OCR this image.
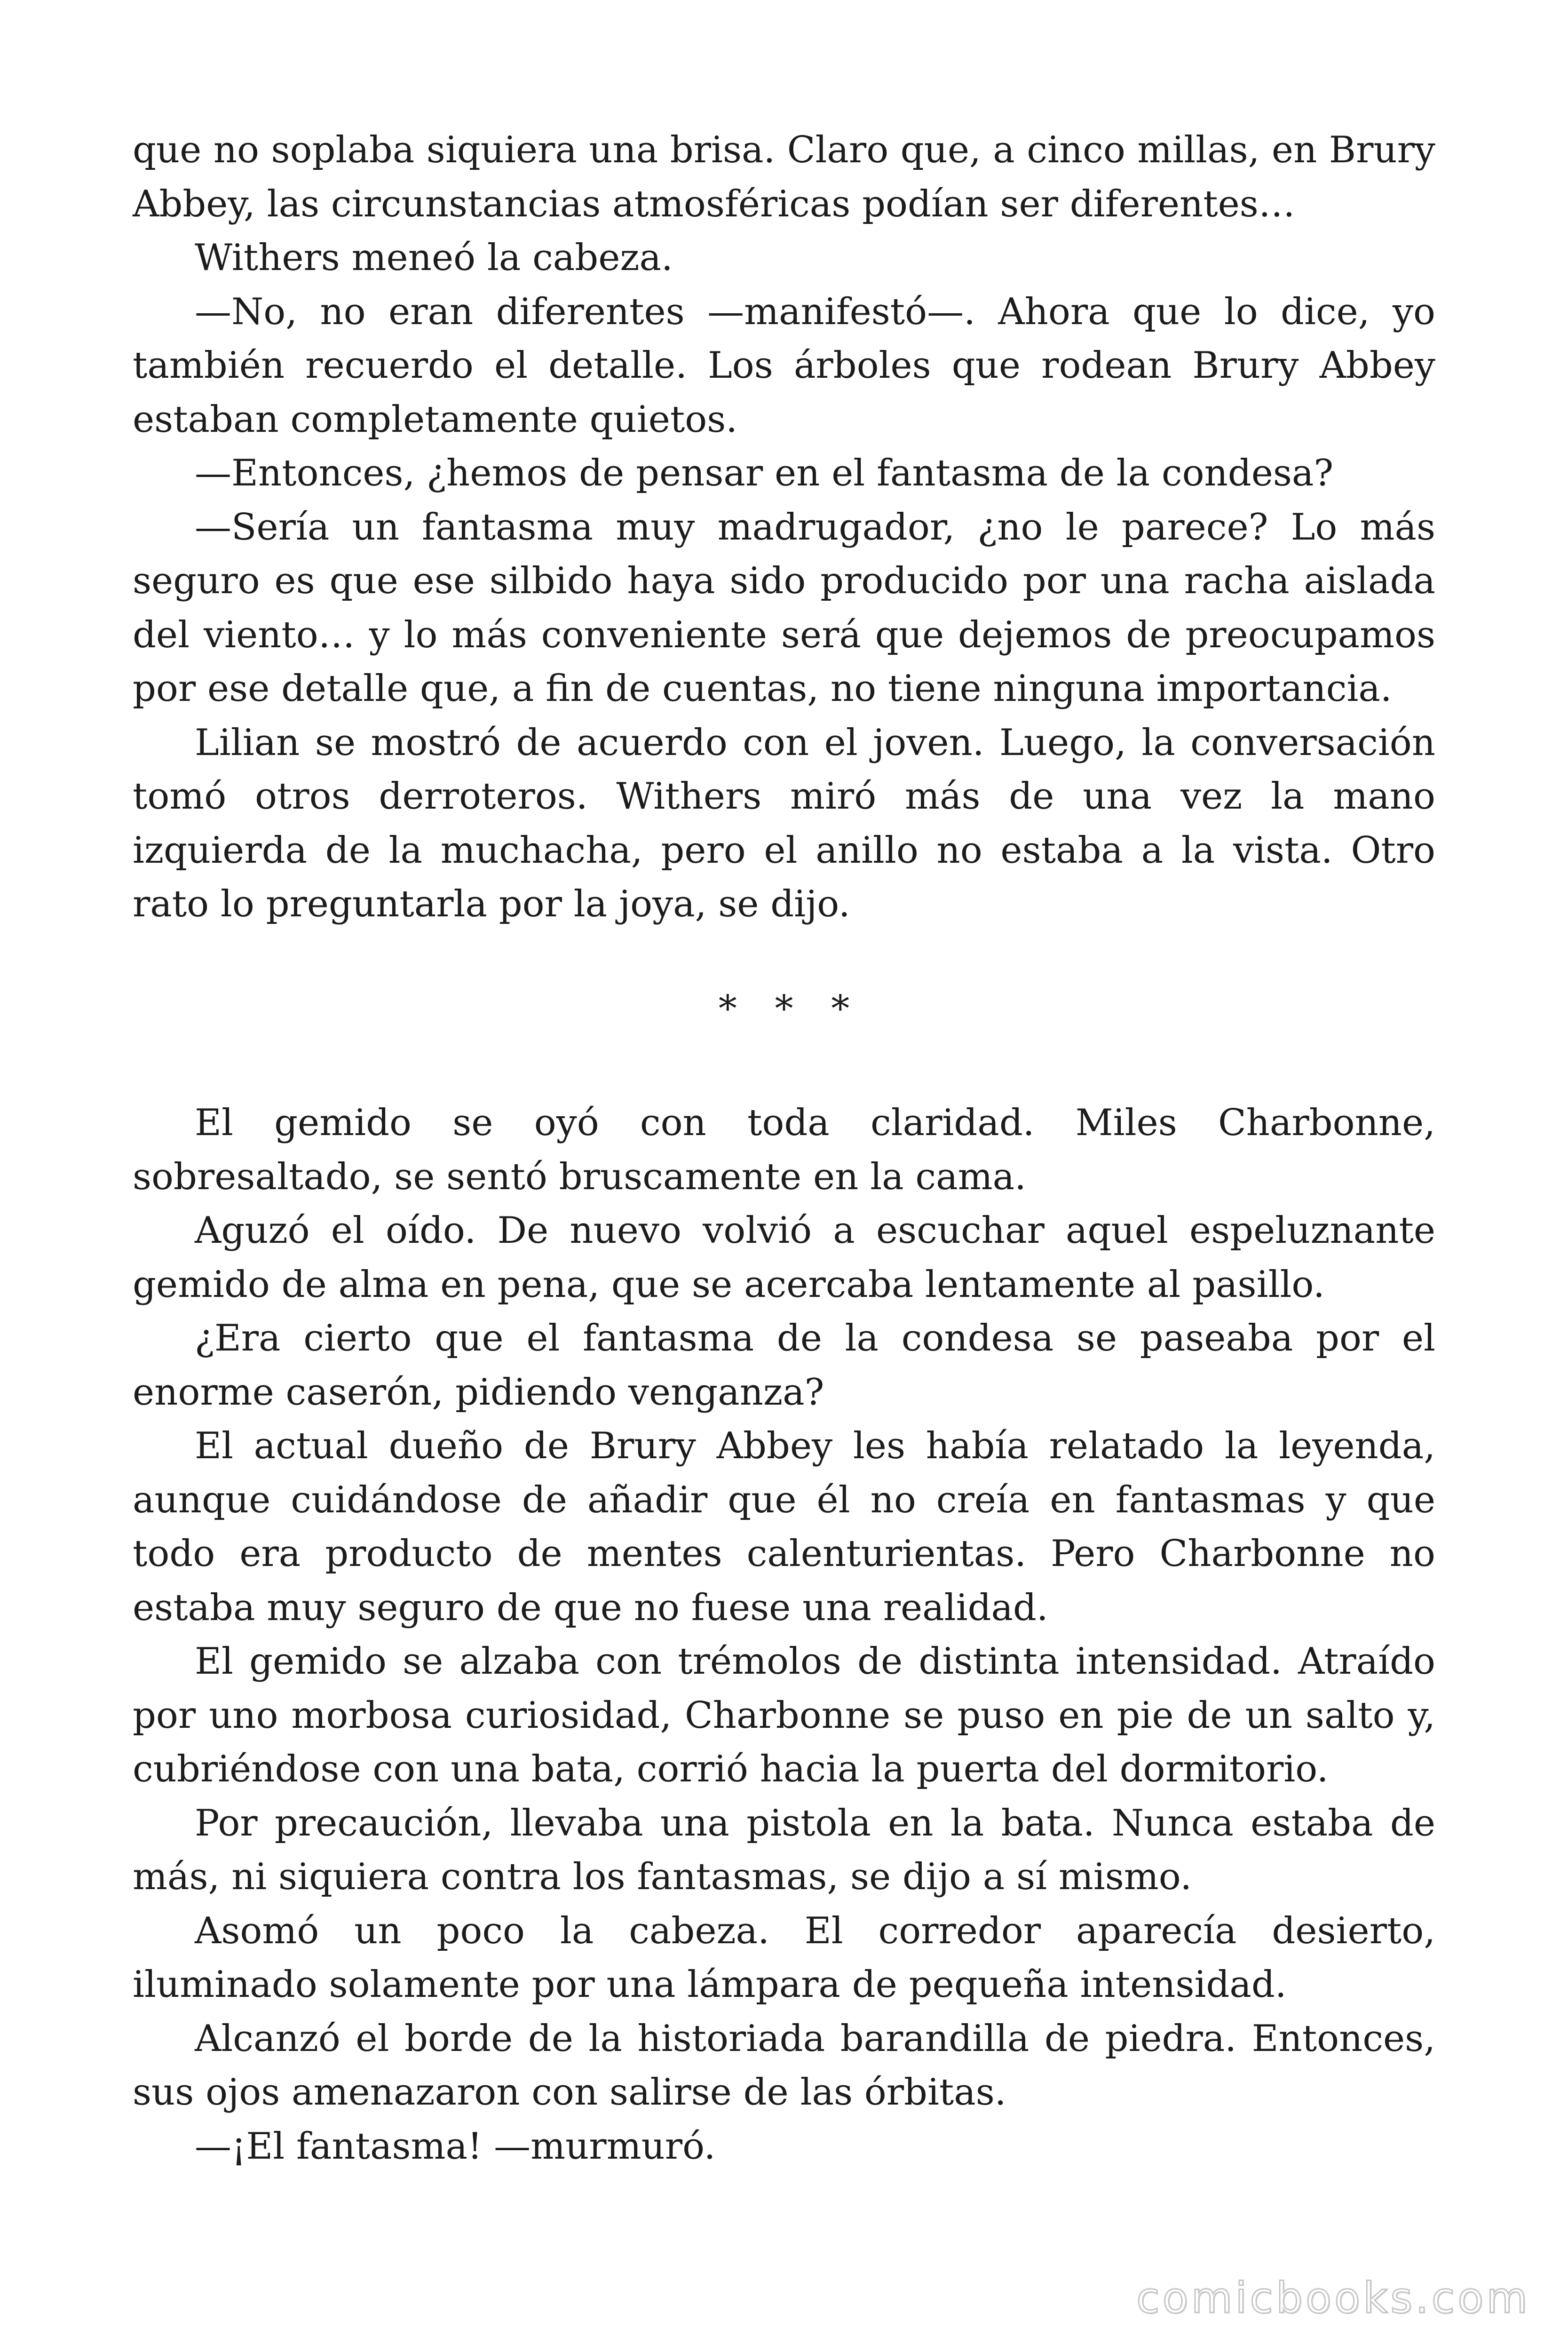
que no soplaba siquiera una brisa. Claro que, a cinco millas, en Brury Abbey, las circunstancias atmosféricas podían ser diferentes…

Withers meneó la cabeza.

—No, no eran diferentes —manifestó—. Ahora que lo dice, yo también recuerdo el detalle. Los árboles que rodean Brury Abbey estaban completamente quietos.

—Entonces, ¿hemos de pensar en el fantasma de la condesa?

—Sería un fantasma muy madrugador, ¿no le parece? Lo más seguro es que ese silbido haya sido producido por una racha aislada del viento… y lo más conveniente será que dejemos de preocupamos por ese detalle que, a fin de cuentas, no tiene ninguna importancia.

Lilian se mostró de acuerdo con el joven. Luego, la conversación tomó otros derroteros. Withers miró más de una vez la mano izquierda de la muchacha, pero el anillo no estaba a la vista. Otro rato lo preguntarla por la joya, se dijo.

* * *

El gemido se oyó con toda claridad. Miles Charbonne, sobresaltado, se sentó bruscamente en la cama.

Aguzó el oído. De nuevo volvió a escuchar aquel espeluznante gemido de alma en pena, que se acercaba lentamente al pasillo.

¿Era cierto que el fantasma de la condesa se paseaba por el enorme caserón, pidiendo venganza?

El actual dueño de Brury Abbey les había relatado la leyenda, aunque cuidándose de añadir que él no creía en fantasmas y que todo era producto de mentes calenturientas. Pero Charbonne no estaba muy seguro de que no fuese una realidad.

El gemido se alzaba con trémolos de distinta intensidad. Atraído por uno morbosa curiosidad, Charbonne se puso en pie de un salto y, cubriéndose con una bata, corrió hacia la puerta del dormitorio.

Por precaución, llevaba una pistola en la bata. Nunca estaba de más, ni siquiera contra los fantasmas, se dijo a sí mismo.

Asomó un poco la cabeza. El corredor aparecía desierto, iluminado solamente por una lámpara de pequeña intensidad.

Alcanzó el borde de la historiada barandilla de piedra. Entonces, sus ojos amenazaron con salirse de las órbitas.

—¡El fantasma! —murmuró.

comicbooks.com
